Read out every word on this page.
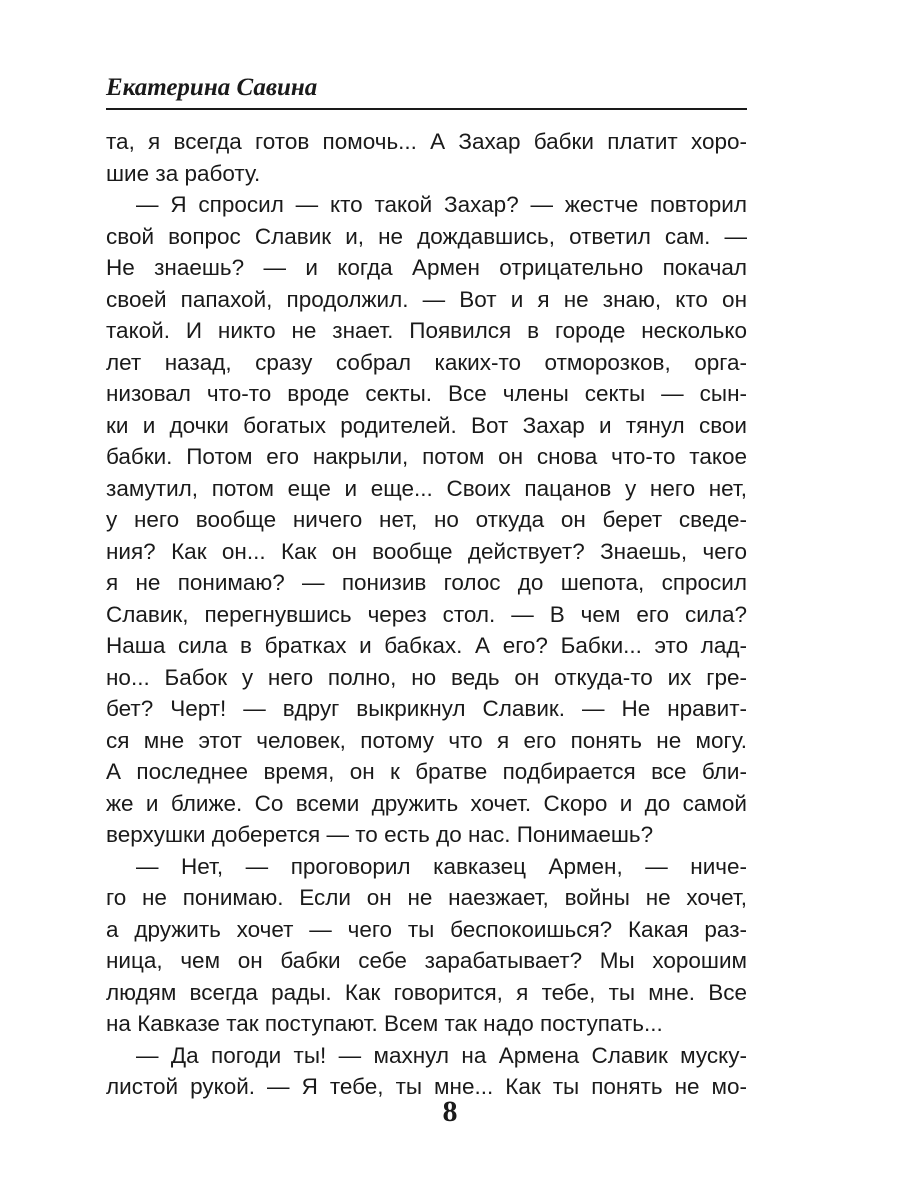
Екатерина Савина
та, я всегда готов помочь... А Захар бабки платит хоро-
шие за работу.
— Я спросил — кто такой Захар? — жестче повторил
свой вопрос Славик и, не дождавшись, ответил сам. —
Не знаешь? — и когда Армен отрицательно покачал
своей папахой, продолжил. — Вот и я не знаю, кто он
такой. И никто не знает. Появился в городе несколько
лет назад, сразу собрал каких-то отморозков, орга-
низовал что-то вроде секты. Все члены секты — сын-
ки и дочки богатых родителей. Вот Захар и тянул свои
бабки. Потом его накрыли, потом он снова что-то такое
замутил, потом еще и еще... Своих пацанов у него нет,
у него вообще ничего нет, но откуда он берет сведе-
ния? Как он... Как он вообще действует? Знаешь, чего
я не понимаю? — понизив голос до шепота, спросил
Славик, перегнувшись через стол. — В чем его сила?
Наша сила в братках и бабках. А его? Бабки... это лад-
но... Бабок у него полно, но ведь он откуда-то их гре-
бет? Черт! — вдруг выкрикнул Славик. — Не нравит-
ся мне этот человек, потому что я его понять не могу.
А последнее время, он к братве подбирается все бли-
же и ближе. Со всеми дружить хочет. Скоро и до самой
верхушки доберется — то есть до нас. Понимаешь?
— Нет, — проговорил кавказец Армен, — ниче-
го не понимаю. Если он не наезжает, войны не хочет,
а дружить хочет — чего ты беспокоишься? Какая раз-
ница, чем он бабки себе зарабатывает? Мы хорошим
людям всегда рады. Как говорится, я тебе, ты мне. Все
на Кавказе так поступают. Всем так надо поступать...
— Да погоди ты! — махнул на Армена Славик муску-
листой рукой. — Я тебе, ты мне... Как ты понять не мо-
8
